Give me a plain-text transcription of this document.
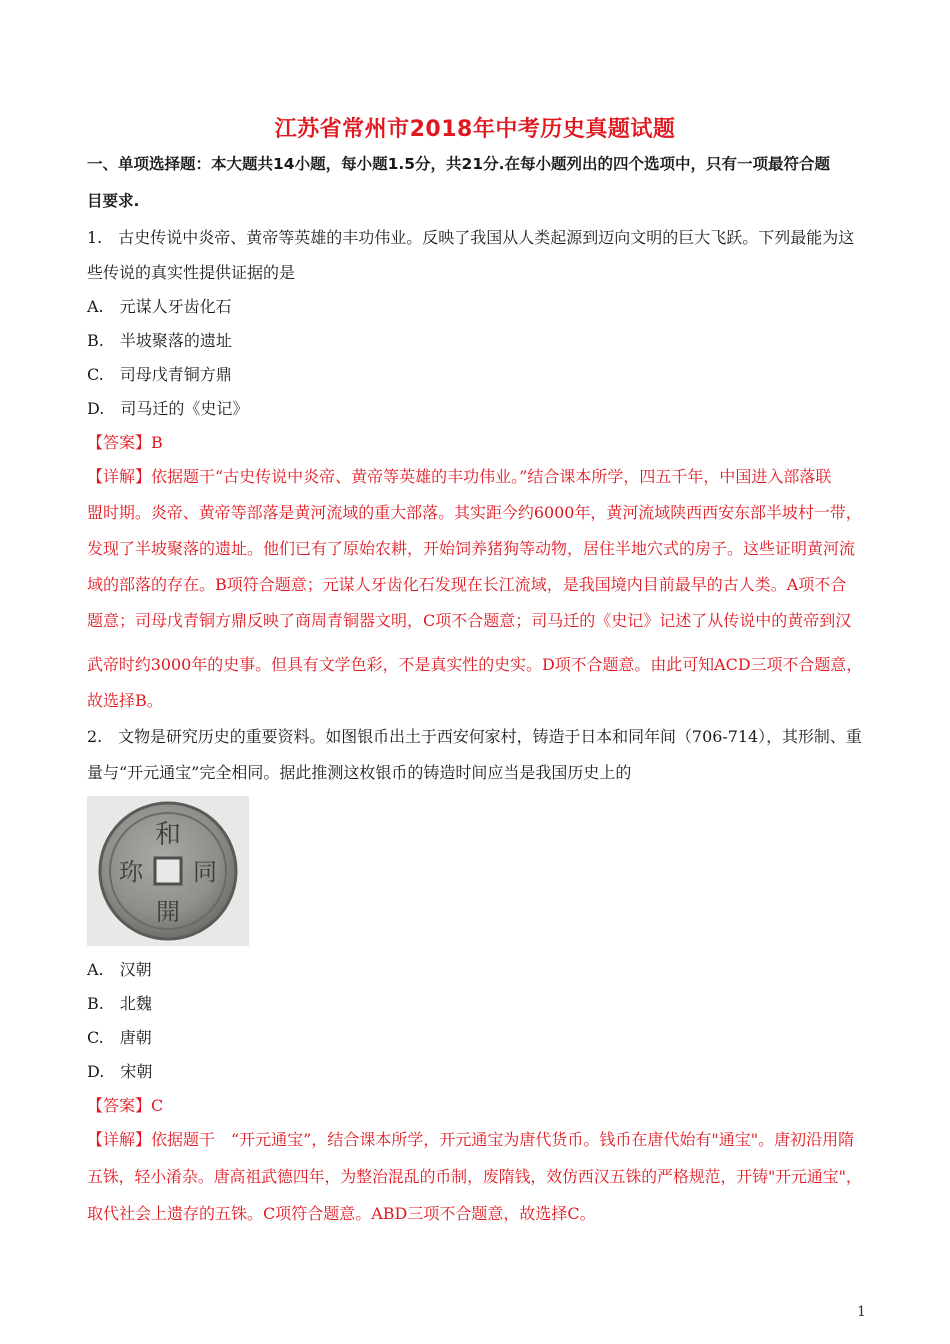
江苏省常州市2018年中考历史真题试题
一、单项选择题：本大题共14小题，每小题1.5分，共21分.在每小题列出的四个选项中，只有一项最符合题
目要求.
1.　古史传说中炎帝、黄帝等英雄的丰功伟业。反映了我国从人类起源到迈向文明的巨大飞跃。下列最能为这
些传说的真实性提供证据的是
A.　元谋人牙齿化石
B.　半坡聚落的遗址
C.　司母戊青铜方鼎
D.　司马迁的《史记》
【答案】B
【详解】依据题干“古史传说中炎帝、黄帝等英雄的丰功伟业。”结合课本所学，四五千年，中国进入部落联
盟时期。炎帝、黄帝等部落是黄河流域的重大部落。其实距今约6000年，黄河流域陕西西安东部半坡村一带，
发现了半坡聚落的遗址。他们已有了原始农耕，开始饲养猪狗等动物，居住半地穴式的房子。这些证明黄河流
域的部落的存在。B项符合题意；元谋人牙齿化石发现在长江流域，是我国境内目前最早的古人类。A项不合
题意；司母戊青铜方鼎反映了商周青铜器文明，C项不合题意；司马迁的《史记》记述了从传说中的黄帝到汉
武帝时约3000年的史事。但具有文学色彩，不是真实性的史实。D项不合题意。由此可知ACD三项不合题意，
故选择B。
2.　文物是研究历史的重要资料。如图银币出土于西安何家村，铸造于日本和同年间（706-714），其形制、重
量与“开元通宝”完全相同。据此推测这枚银币的铸造时间应当是我国历史上的
和
同
開
珎
A.　汉朝
B.　北魏
C.　唐朝
D.　宋朝
【答案】C
【详解】依据题干　“开元通宝”，结合课本所学，开元通宝为唐代货币。钱币在唐代始有"通宝"。唐初沿用隋
五铢，轻小淆杂。唐高祖武德四年，为整治混乱的币制，废隋钱，效仿西汉五铢的严格规范，开铸"开元通宝"，
取代社会上遗存的五铢。C项符合题意。ABD三项不合题意，故选择C。
1
